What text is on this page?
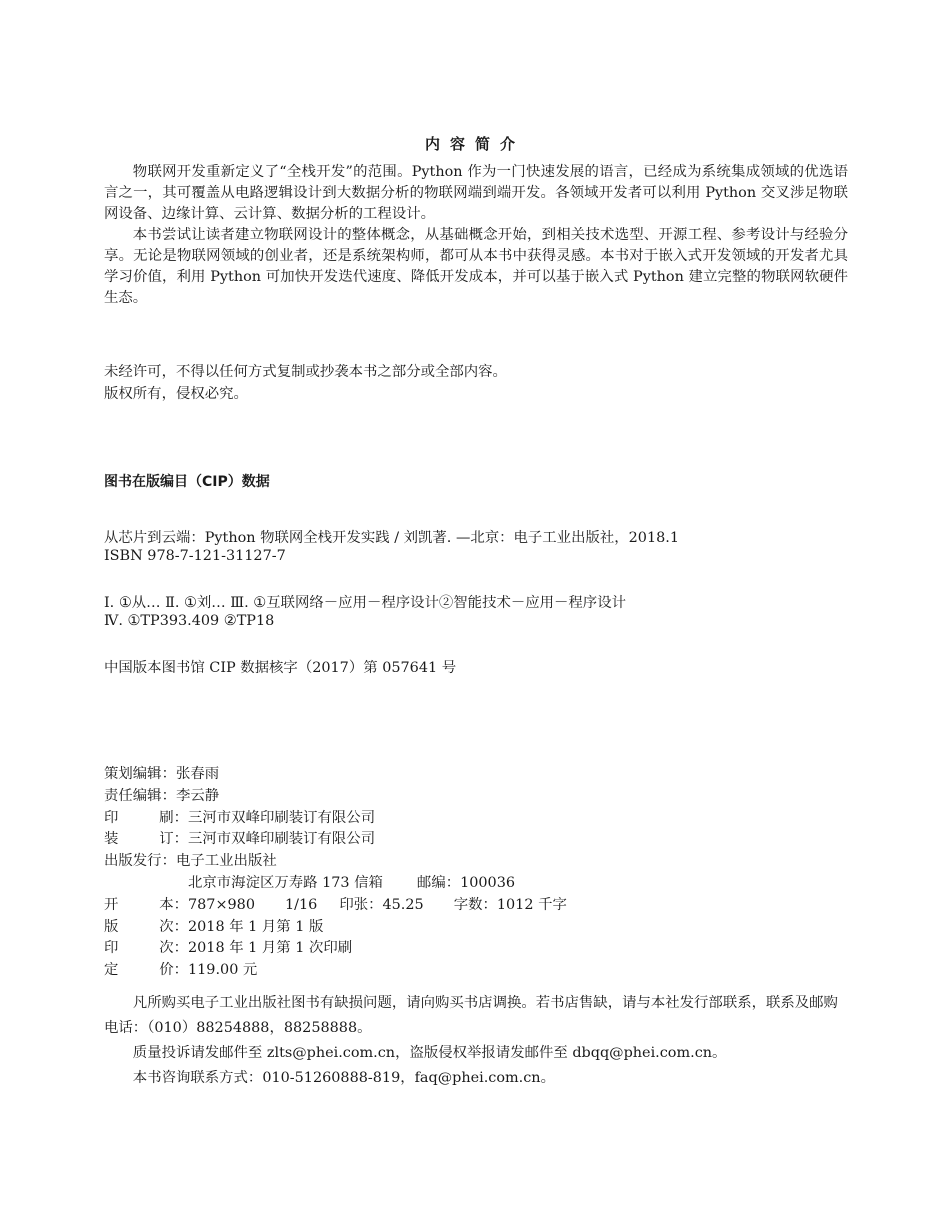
内容简介

物联网开发重新定义了“全栈开发”的范围。Python 作为一门快速发展的语言，已经成为系统集成领域的优选语言之一，其可覆盖从电路逻辑设计到大数据分析的物联网端到端开发。各领域开发者可以利用 Python 交叉涉足物联网设备、边缘计算、云计算、数据分析的工程设计。

本书尝试让读者建立物联网设计的整体概念，从基础概念开始，到相关技术选型、开源工程、参考设计与经验分享。无论是物联网领域的创业者，还是系统架构师，都可从本书中获得灵感。本书对于嵌入式开发领域的开发者尤具学习价值，利用 Python 可加快开发迭代速度、降低开发成本，并可以基于嵌入式 Python 建立完整的物联网软硬件生态。

未经许可，不得以任何方式复制或抄袭本书之部分或全部内容。
版权所有，侵权必究。
图书在版编目（CIP）数据
从芯片到云端：Python 物联网全栈开发实践 / 刘凯著. —北京：电子工业出版社，2018.1
ISBN 978-7-121-31127-7
Ⅰ. ①从… Ⅱ. ①刘… Ⅲ. ①互联网络－应用－程序设计②智能技术－应用－程序设计
Ⅳ. ①TP393.409 ②TP18
中国版本图书馆 CIP 数据核字（2017）第 057641 号
策划编辑 ： 张春雨
责任编辑 ： 李云静
印	刷： 三河市双峰印刷装订有限公司
装	订： 三河市双峰印刷装订有限公司
出版发行 ： 电子工业出版社
北京市海淀区万寿路 173 信箱 邮编：100036
开	本： 787×980 1/16 印张：45.25 字数：1012 千字
版	次： 2018 年 1 月第 1 版
印	次： 2018 年 1 月第 1 次印刷
定	价： 119.00 元

凡所购买电子工业出版社图书有缺损问题，请向购买书店调换。若书店售缺，请与本社发行部联系，联系及邮购电话：（010）88254888，88258888。

质量投诉请发邮件至 zlts@phei.com.cn，盗版侵权举报请发邮件至 dbqq@phei.com.cn。

本书咨询联系方式：010-51260888-819，faq@phei.com.cn。
